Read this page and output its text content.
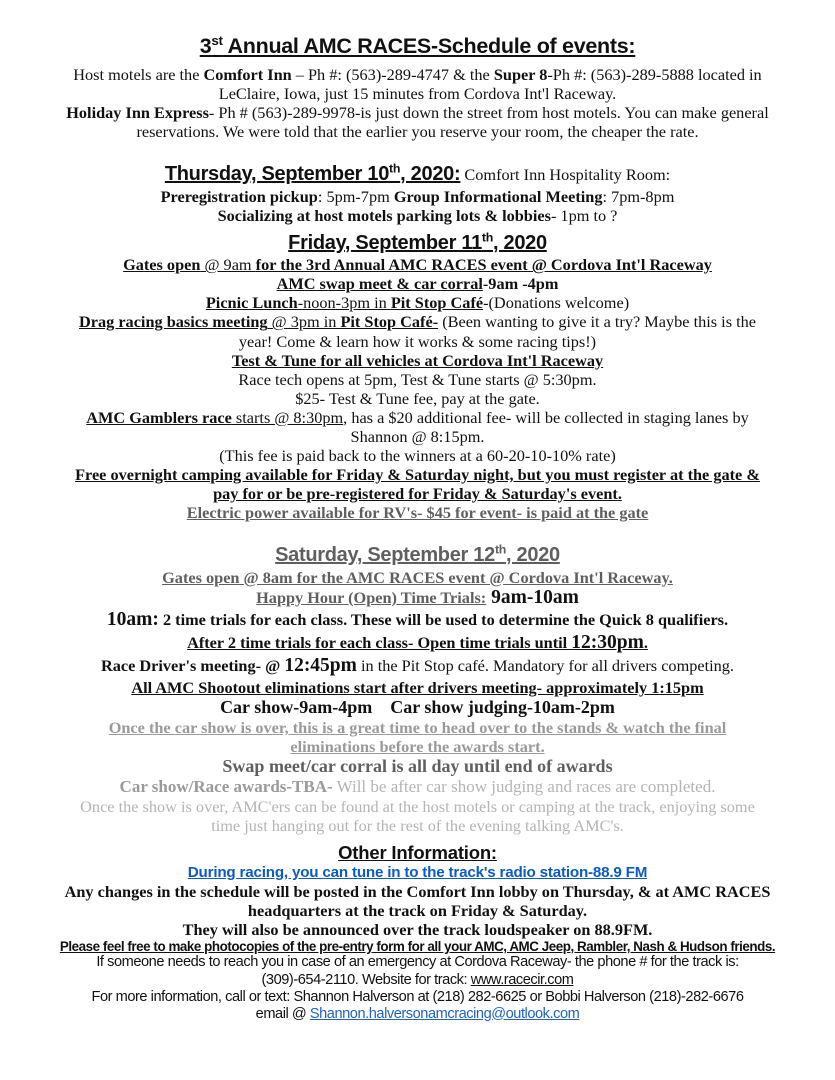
3st Annual AMC RACES-Schedule of events:

Host motels are the Comfort Inn – Ph #: (563)-289-4747 & the Super 8-Ph #: (563)-289-5888 located in

LeClaire, Iowa, just 15 minutes from Cordova Int'l Raceway.

Holiday Inn Express- Ph # (563)-289-9978-is just down the street from host motels. You can make general

reservations. We were told that the earlier you reserve your room, the cheaper the rate.

Thursday, September 10th, 2020: Comfort Inn Hospitality Room:

Preregistration pickup: 5pm-7pm Group Informational Meeting: 7pm-8pm

Socializing at host motels parking lots & lobbies- 1pm to ?

Friday, September 11th, 2020

Gates open @ 9am for the 3rd Annual AMC RACES event @ Cordova Int'l Raceway

AMC swap meet & car corral-9am -4pm

Picnic Lunch-noon-3pm in Pit Stop Café-(Donations welcome)

Drag racing basics meeting @ 3pm in Pit Stop Café- (Been wanting to give it a try? Maybe this is the

year! Come & learn how it works & some racing tips!)

Test & Tune for all vehicles at Cordova Int'l Raceway

Race tech opens at 5pm, Test & Tune starts @ 5:30pm.

$25- Test & Tune fee, pay at the gate.

AMC Gamblers race starts @ 8:30pm, has a $20 additional fee- will be collected in staging lanes by

Shannon @ 8:15pm.

(This fee is paid back to the winners at a 60-20-10-10% rate)

Free overnight camping available for Friday & Saturday night, but you must register at the gate &

pay for or be pre-registered for Friday & Saturday's event.

Electric power available for RV's- $45 for event- is paid at the gate

Saturday, September 12th, 2020

Gates open @ 8am for the AMC RACES event @ Cordova Int'l Raceway.

Happy Hour (Open) Time Trials: 9am-10am

10am: 2 time trials for each class. These will be used to determine the Quick 8 qualifiers.

After 2 time trials for each class- Open time trials until 12:30pm.

Race Driver's meeting- @ 12:45pm in the Pit Stop café. Mandatory for all drivers competing.

All AMC Shootout eliminations start after drivers meeting- approximately 1:15pm

Car show-9am-4pm Car show judging-10am-2pm

Once the car show is over, this is a great time to head over to the stands & watch the final

eliminations before the awards start.

Swap meet/car corral is all day until end of awards

Car show/Race awards-TBA- Will be after car show judging and races are completed.

Once the show is over, AMC'ers can be found at the host motels or camping at the track, enjoying some

time just hanging out for the rest of the evening talking AMC's.

Other Information:

During racing, you can tune in to the track's radio station-88.9 FM

Any changes in the schedule will be posted in the Comfort Inn lobby on Thursday, & at AMC RACES

headquarters at the track on Friday & Saturday.

They will also be announced over the track loudspeaker on 88.9FM.

Please feel free to make photocopies of the pre-entry form for all your AMC, AMC Jeep, Rambler, Nash & Hudson friends.

If someone needs to reach you in case of an emergency at Cordova Raceway- the phone # for the track is:

(309)-654-2110. Website for track: www.racecir.com

For more information, call or text: Shannon Halverson at (218) 282-6625 or Bobbi Halverson (218)-282-6676

email @ Shannon.halversonamcracing@outlook.com
